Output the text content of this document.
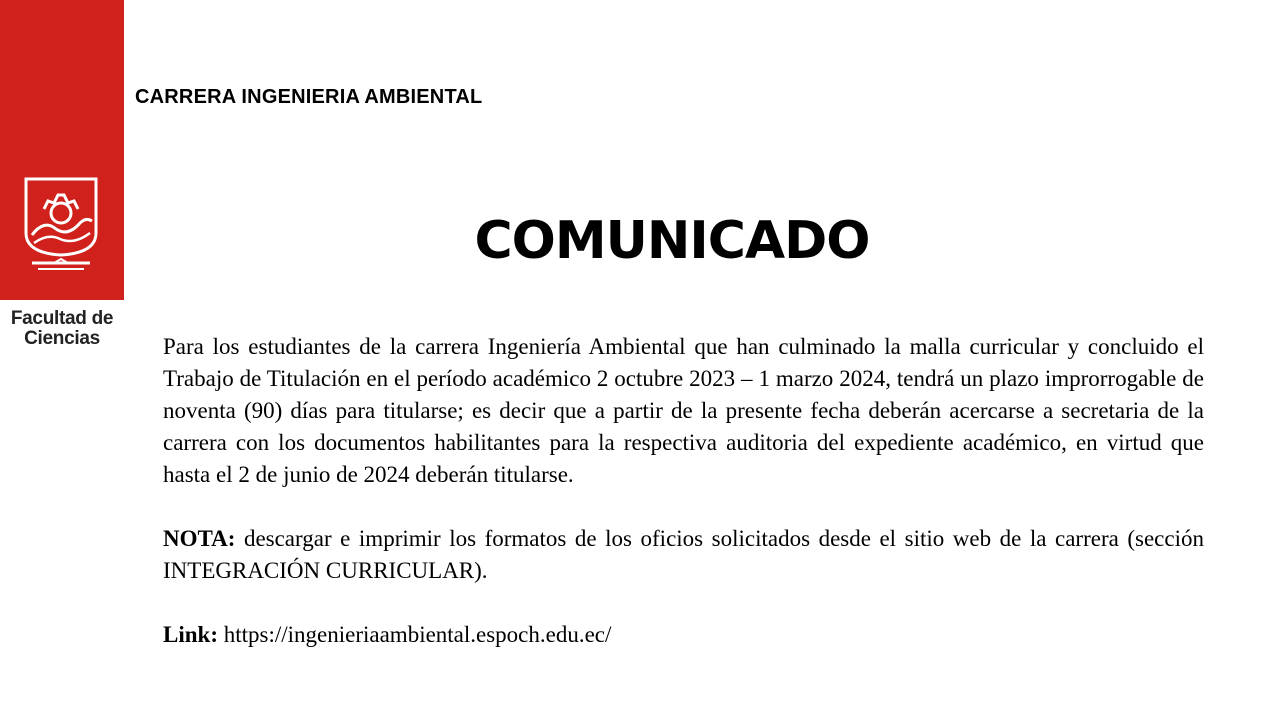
Facultad de
Ciencias
CARRERA INGENIERIA AMBIENTAL
COMUNICADO

Para los estudiantes de la carrera Ingeniería Ambiental que han culminado la malla curricular y concluido el Trabajo de Titulación en el período académico 2 octubre 2023 – 1 marzo 2024, tendrá un plazo improrrogable de noventa (90) días para titularse; es decir que a partir de la presente fecha deberán acercarse a secretaria de la carrera con los documentos habilitantes para la respectiva auditoria del expediente académico, en virtud que hasta el 2 de junio de 2024 deberán titularse.

NOTA: descargar e imprimir los formatos de los oficios solicitados desde el sitio web de la carrera (sección INTEGRACIÓN CURRICULAR).

Link: https://ingenieriaambiental.espoch.edu.ec/
